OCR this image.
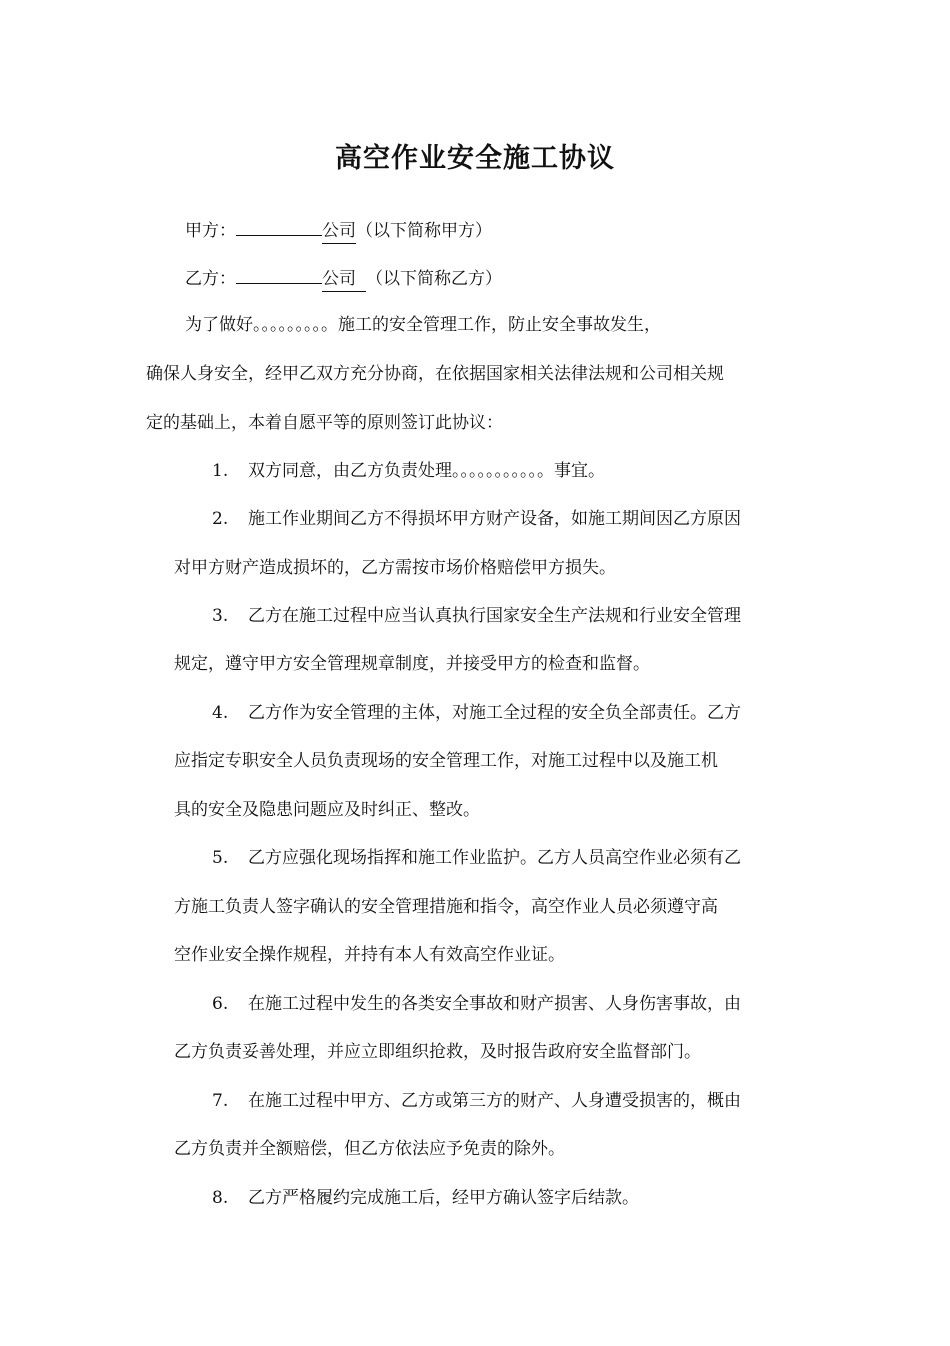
高空作业安全施工协议
甲方：	公司（以下简称甲方）
乙方：	公司 （以下简称乙方）
为了做好。。。。。。。。。施工的安全管理工作，防止安全事故发生，
确保人身安全，经甲乙双方充分协商，在依据国家相关法律法规和公司相关规
定的基础上，本着自愿平等的原则签订此协议：
1. 双方同意，由乙方负责处理。。。。。。。。。。。事宜。
2. 施工作业期间乙方不得损坏甲方财产设备，如施工期间因乙方原因
对甲方财产造成损坏的，乙方需按市场价格赔偿甲方损失。
3. 乙方在施工过程中应当认真执行国家安全生产法规和行业安全管理
规定，遵守甲方安全管理规章制度，并接受甲方的检查和监督。
4. 乙方作为安全管理的主体，对施工全过程的安全负全部责任。乙方
应指定专职安全人员负责现场的安全管理工作，对施工过程中以及施工机
具的安全及隐患问题应及时纠正、整改。
5. 乙方应强化现场指挥和施工作业监护。乙方人员高空作业必须有乙
方施工负责人签字确认的安全管理措施和指令，高空作业人员必须遵守高
空作业安全操作规程，并持有本人有效高空作业证。
6. 在施工过程中发生的各类安全事故和财产损害、人身伤害事故，由
乙方负责妥善处理，并应立即组织抢救，及时报告政府安全监督部门。
7. 在施工过程中甲方、乙方或第三方的财产、人身遭受损害的，概由
乙方负责并全额赔偿，但乙方依法应予免责的除外。
8. 乙方严格履约完成施工后，经甲方确认签字后结款。
